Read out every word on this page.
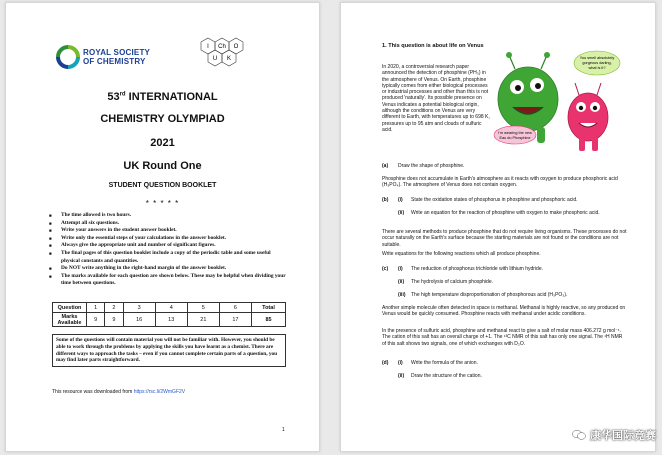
ROYAL SOCIETY
OF CHEMISTRY
I Ch O
U K
53rd INTERNATIONAL
CHEMISTRY OLYMPIAD
2021
UK Round One
STUDENT QUESTION BOOKLET
* * * * *
■ The time allowed is two hours.
■ Attempt all six questions.
■ Write your answers in the student answer booklet.
■ Write only the essential steps of your calculations in the answer booklet.
■ Always give the appropriate unit and number of significant figures.
■ The final pages of this question booklet include a copy of the periodic table and some useful physical constants and quantities.
■ Do NOT write anything in the right-hand margin of the answer booklet.
■ The marks available for each question are shown below. These may be helpful when dividing your time between questions.
Question	1	2	3	4	5	6	Total
Marks Available	9	9	16	13	21	17	85
Some of the questions will contain material you will not be familiar with. However, you should be able to work through the problems by applying the skills you have learnt as a chemist. There are different ways to approach the tasks – even if you cannot complete certain parts of a question, you may find later parts straightforward.
This resource was downloaded from https://rsc.li/2WmGF2V
1
1. This question is about life on Venus
In 2020, a controversial research paper announced the detection of phosphine (PH₃) in the atmosphere of Venus. On Earth, phosphine typically comes from either biological processes or industrial processes and other than this is not produced 'naturally'. Its possible presence on Venus indicates a potential biological origin, although the conditions on Venus are very different to Earth, with temperatures up to 698 K, pressures up to 95 atm and clouds of sulfuric acid.
You smell absolutely
gorgeous darling,
what is it?
I'm wearing the new
Eau du Phosphine
(a) Draw the shape of phosphine.
Phosphine does not accumulate in Earth's atmosphere as it reacts with oxygen to produce phosphoric acid (H₃PO₄). The atmosphere of Venus does not contain oxygen.
(b) (i) State the oxidation states of phosphorus in phosphine and phosphoric acid.
(ii) Write an equation for the reaction of phosphine with oxygen to make phosphoric acid.
There are several methods to produce phosphine that do not require living organisms. These processes do not occur naturally on the Earth's surface because the starting materials are not found or the conditions are not suitable.
Write equations for the following reactions which all produce phosphine.
(c) (i) The reduction of phosphorus trichloride with lithium hydride.
(ii) The hydrolysis of calcium phosphide.
(iii) The high temperature disproportionation of phosphorous acid (H₃PO₃).
Another simple molecule often detected in space is methanal. Methanal is highly reactive, so any produced on Venus would be quickly consumed. Phosphine reacts with methanal under acidic conditions.
In the presence of sulfuric acid, phosphine and methanal react to give a salt of molar mass 406.272 g mol⁻¹. The cation of this salt has an overall charge of +1. The ¹³C NMR of this salt has only one signal. The ¹H NMR of this salt shows two signals, one of which exchanges with D₂O.
(d) (i) Write the formula of the anion.
(ii) Draw the structure of the cation.
康华国际竞赛
